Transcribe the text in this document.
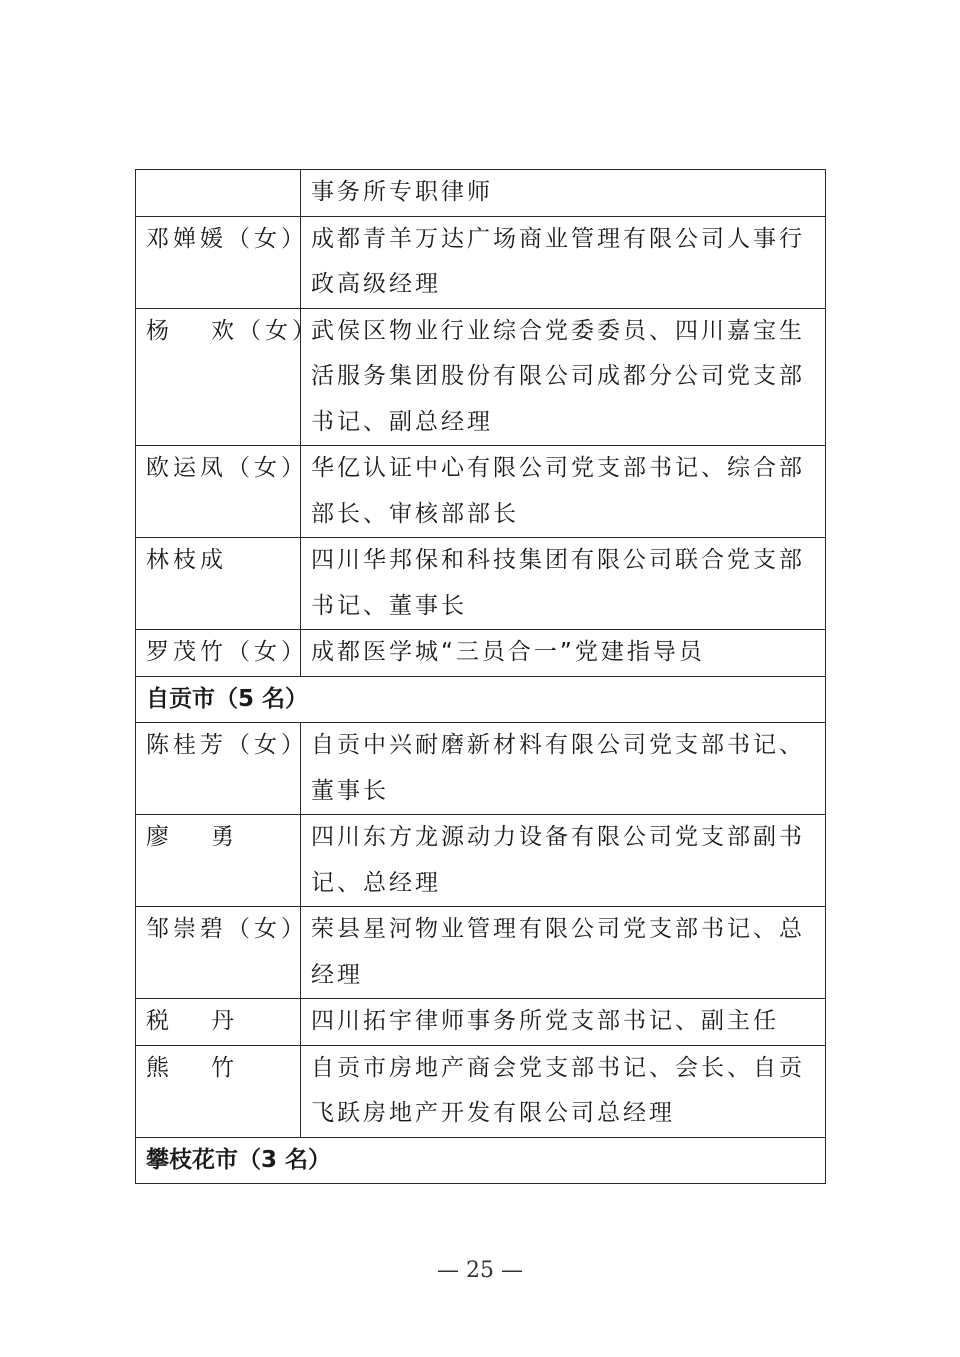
	事务所专职律师
邓婵媛（女）	成都青羊万达广场商业管理有限公司人事行政高级经理
杨 欢（女）	武侯区物业行业综合党委委员、四川嘉宝生活服务集团股份有限公司成都分公司党支部书记、副总经理
欧运凤（女）	华亿认证中心有限公司党支部书记、综合部部长、审核部部长
林枝成	四川华邦保和科技集团有限公司联合党支部书记、董事长
罗茂竹（女）	成都医学城“三员合一”党建指导员
自贡市（5 名）	
陈桂芳（女）	自贡中兴耐磨新材料有限公司党支部书记、董事长
廖 勇	四川东方龙源动力设备有限公司党支部副书记、总经理
邹崇碧（女）	荣县星河物业管理有限公司党支部书记、总经理
税 丹	四川拓宇律师事务所党支部书记、副主任
熊 竹	自贡市房地产商会党支部书记、会长、自贡飞跃房地产开发有限公司总经理
攀枝花市（3 名）	
— 25 —
